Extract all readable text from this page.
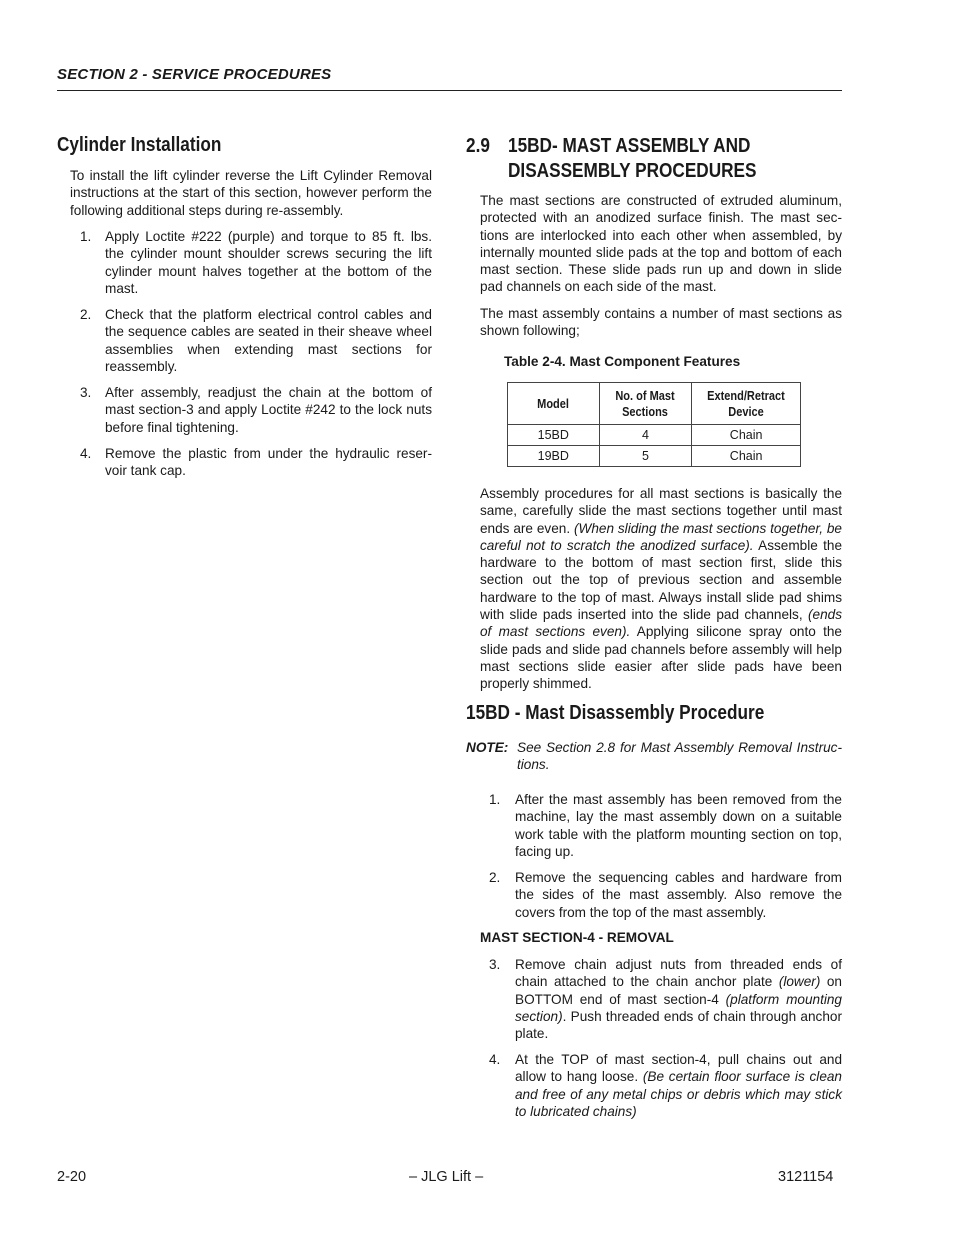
SECTION 2 - SERVICE PROCEDURES
Cylinder Installation

To install the lift cylinder reverse the Lift Cylinder Removal instructions at the start of this section, however perform the following additional steps during re-assembly.

1. Apply Loctite #222 (purple) and torque to 85 ft. lbs. the cylinder mount shoulder screws securing the lift cylinder mount halves together at the bottom of the mast.
2. Check that the platform electrical control cables and the sequence cables are seated in their sheave wheel assemblies when extending mast sections for reassembly.
3. After assembly, readjust the chain at the bottom of mast section-3 and apply Loctite #242 to the lock nuts before final tightening.
4. Remove the plastic from under the hydraulic reser-voir tank cap.
2.9 15BD- MAST ASSEMBLY AND
DISASSEMBLY PROCEDURES

The mast sections are constructed of extruded aluminum, protected with an anodized surface finish. The mast sec-tions are interlocked into each other when assembled, by internally mounted slide pads at the top and bottom of each mast section. These slide pads run up and down in slide pad channels on each side of the mast.

The mast assembly contains a number of mast sections as shown following;

Table 2-4. Mast Component Features
Model	No. of Mast Sections	Extend/Retract Device
15BD	4	Chain
19BD	5	Chain

Assembly procedures for all mast sections is basically the same, carefully slide the mast sections together until mast ends are even. (When sliding the mast sections together, be careful not to scratch the anodized surface). Assemble the hardware to the bottom of mast section first, slide this section out the top of previous section and assemble hardware to the top of mast. Always install slide pad shims with slide pads inserted into the slide pad channels, (ends of mast sections even). Applying silicone spray onto the slide pads and slide pad channels before assembly will help mast sections slide easier after slide pads have been properly shimmed.

15BD - Mast Disassembly Procedure
NOTE: See Section 2.8 for Mast Assembly Removal Instruc-tions.
1. After the mast assembly has been removed from the machine, lay the mast assembly down on a suitable work table with the platform mounting section on top, facing up.
2. Remove the sequencing cables and hardware from the sides of the mast assembly. Also remove the covers from the top of the mast assembly.
MAST SECTION-4 - REMOVAL
3. Remove chain adjust nuts from threaded ends of chain attached to the chain anchor plate (lower) on BOTTOM end of mast section-4 (platform mounting section). Push threaded ends of chain through anchor plate.
4. At the TOP of mast section-4, pull chains out and allow to hang loose. (Be certain floor surface is clean and free of any metal chips or debris which may stick to lubricated chains)
2-20	– JLG Lift –	3121154
